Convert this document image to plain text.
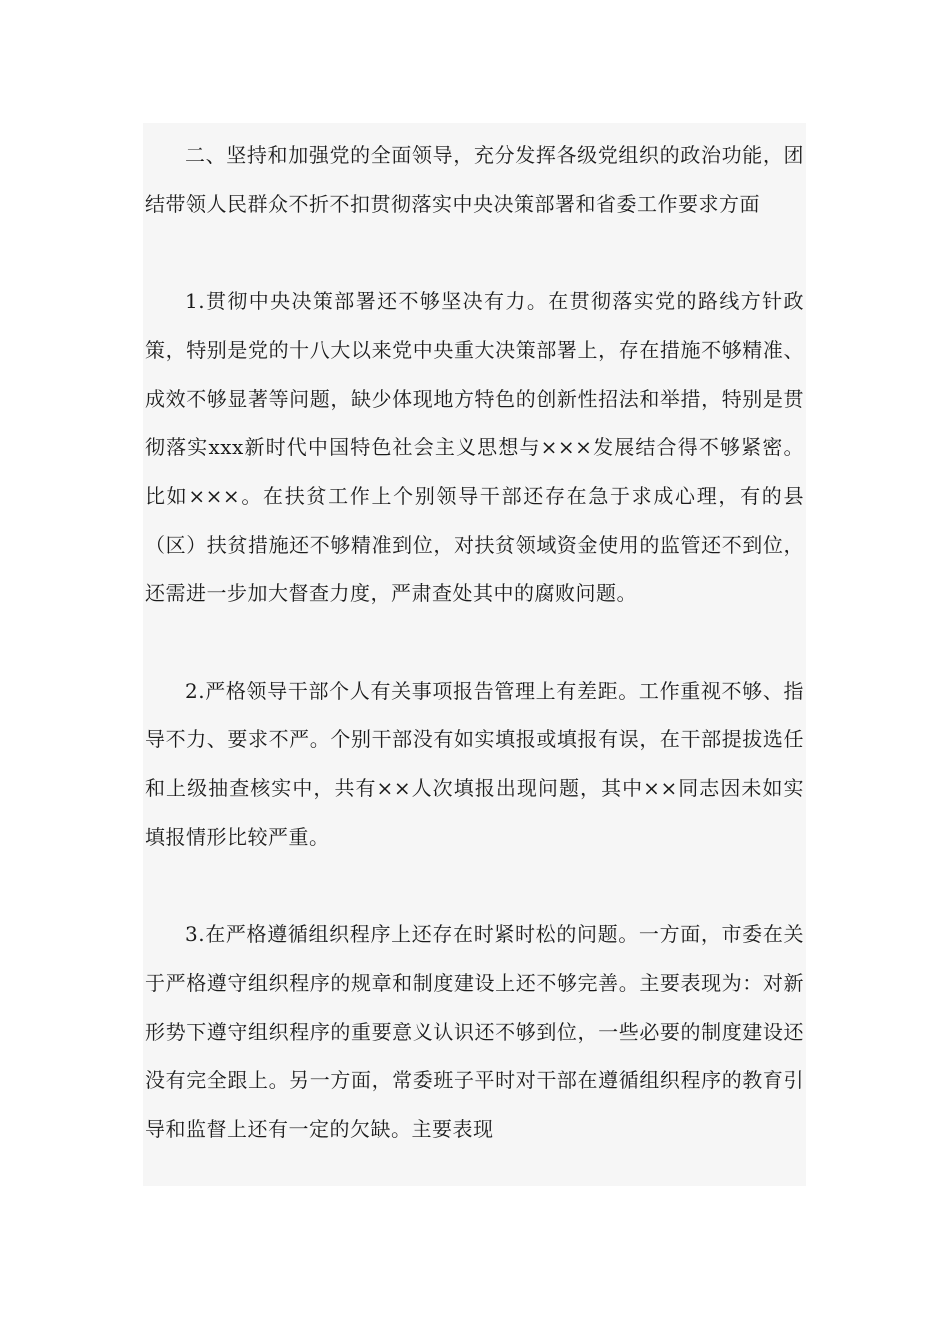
二、坚持和加强党的全面领导，充分发挥各级党组织的政治功能，团结带领人民群众不折不扣贯彻落实中央决策部署和省委工作要求方面

1.贯彻中央决策部署还不够坚决有力。在贯彻落实党的路线方针政策，特别是党的十八大以来党中央重大决策部署上，存在措施不够精准、成效不够显著等问题，缺少体现地方特色的创新性招法和举措，特别是贯彻落实xxx新时代中国特色社会主义思想与×××发展结合得不够紧密。比如×××。在扶贫工作上个别领导干部还存在急于求成心理，有的县（区）扶贫措施还不够精准到位，对扶贫领域资金使用的监管还不到位，还需进一步加大督查力度，严肃查处其中的腐败问题。

2.严格领导干部个人有关事项报告管理上有差距。工作重视不够、指导不力、要求不严。个别干部没有如实填报或填报有误，在干部提拔选任和上级抽查核实中，共有××人次填报出现问题，其中××同志因未如实填报情形比较严重。

3.在严格遵循组织程序上还存在时紧时松的问题。一方面，市委在关于严格遵守组织程序的规章和制度建设上还不够完善。主要表现为：对新形势下遵守组织程序的重要意义认识还不够到位，一些必要的制度建设还没有完全跟上。另一方面，常委班子平时对干部在遵循组织程序的教育引导和监督上还有一定的欠缺。主要表现
